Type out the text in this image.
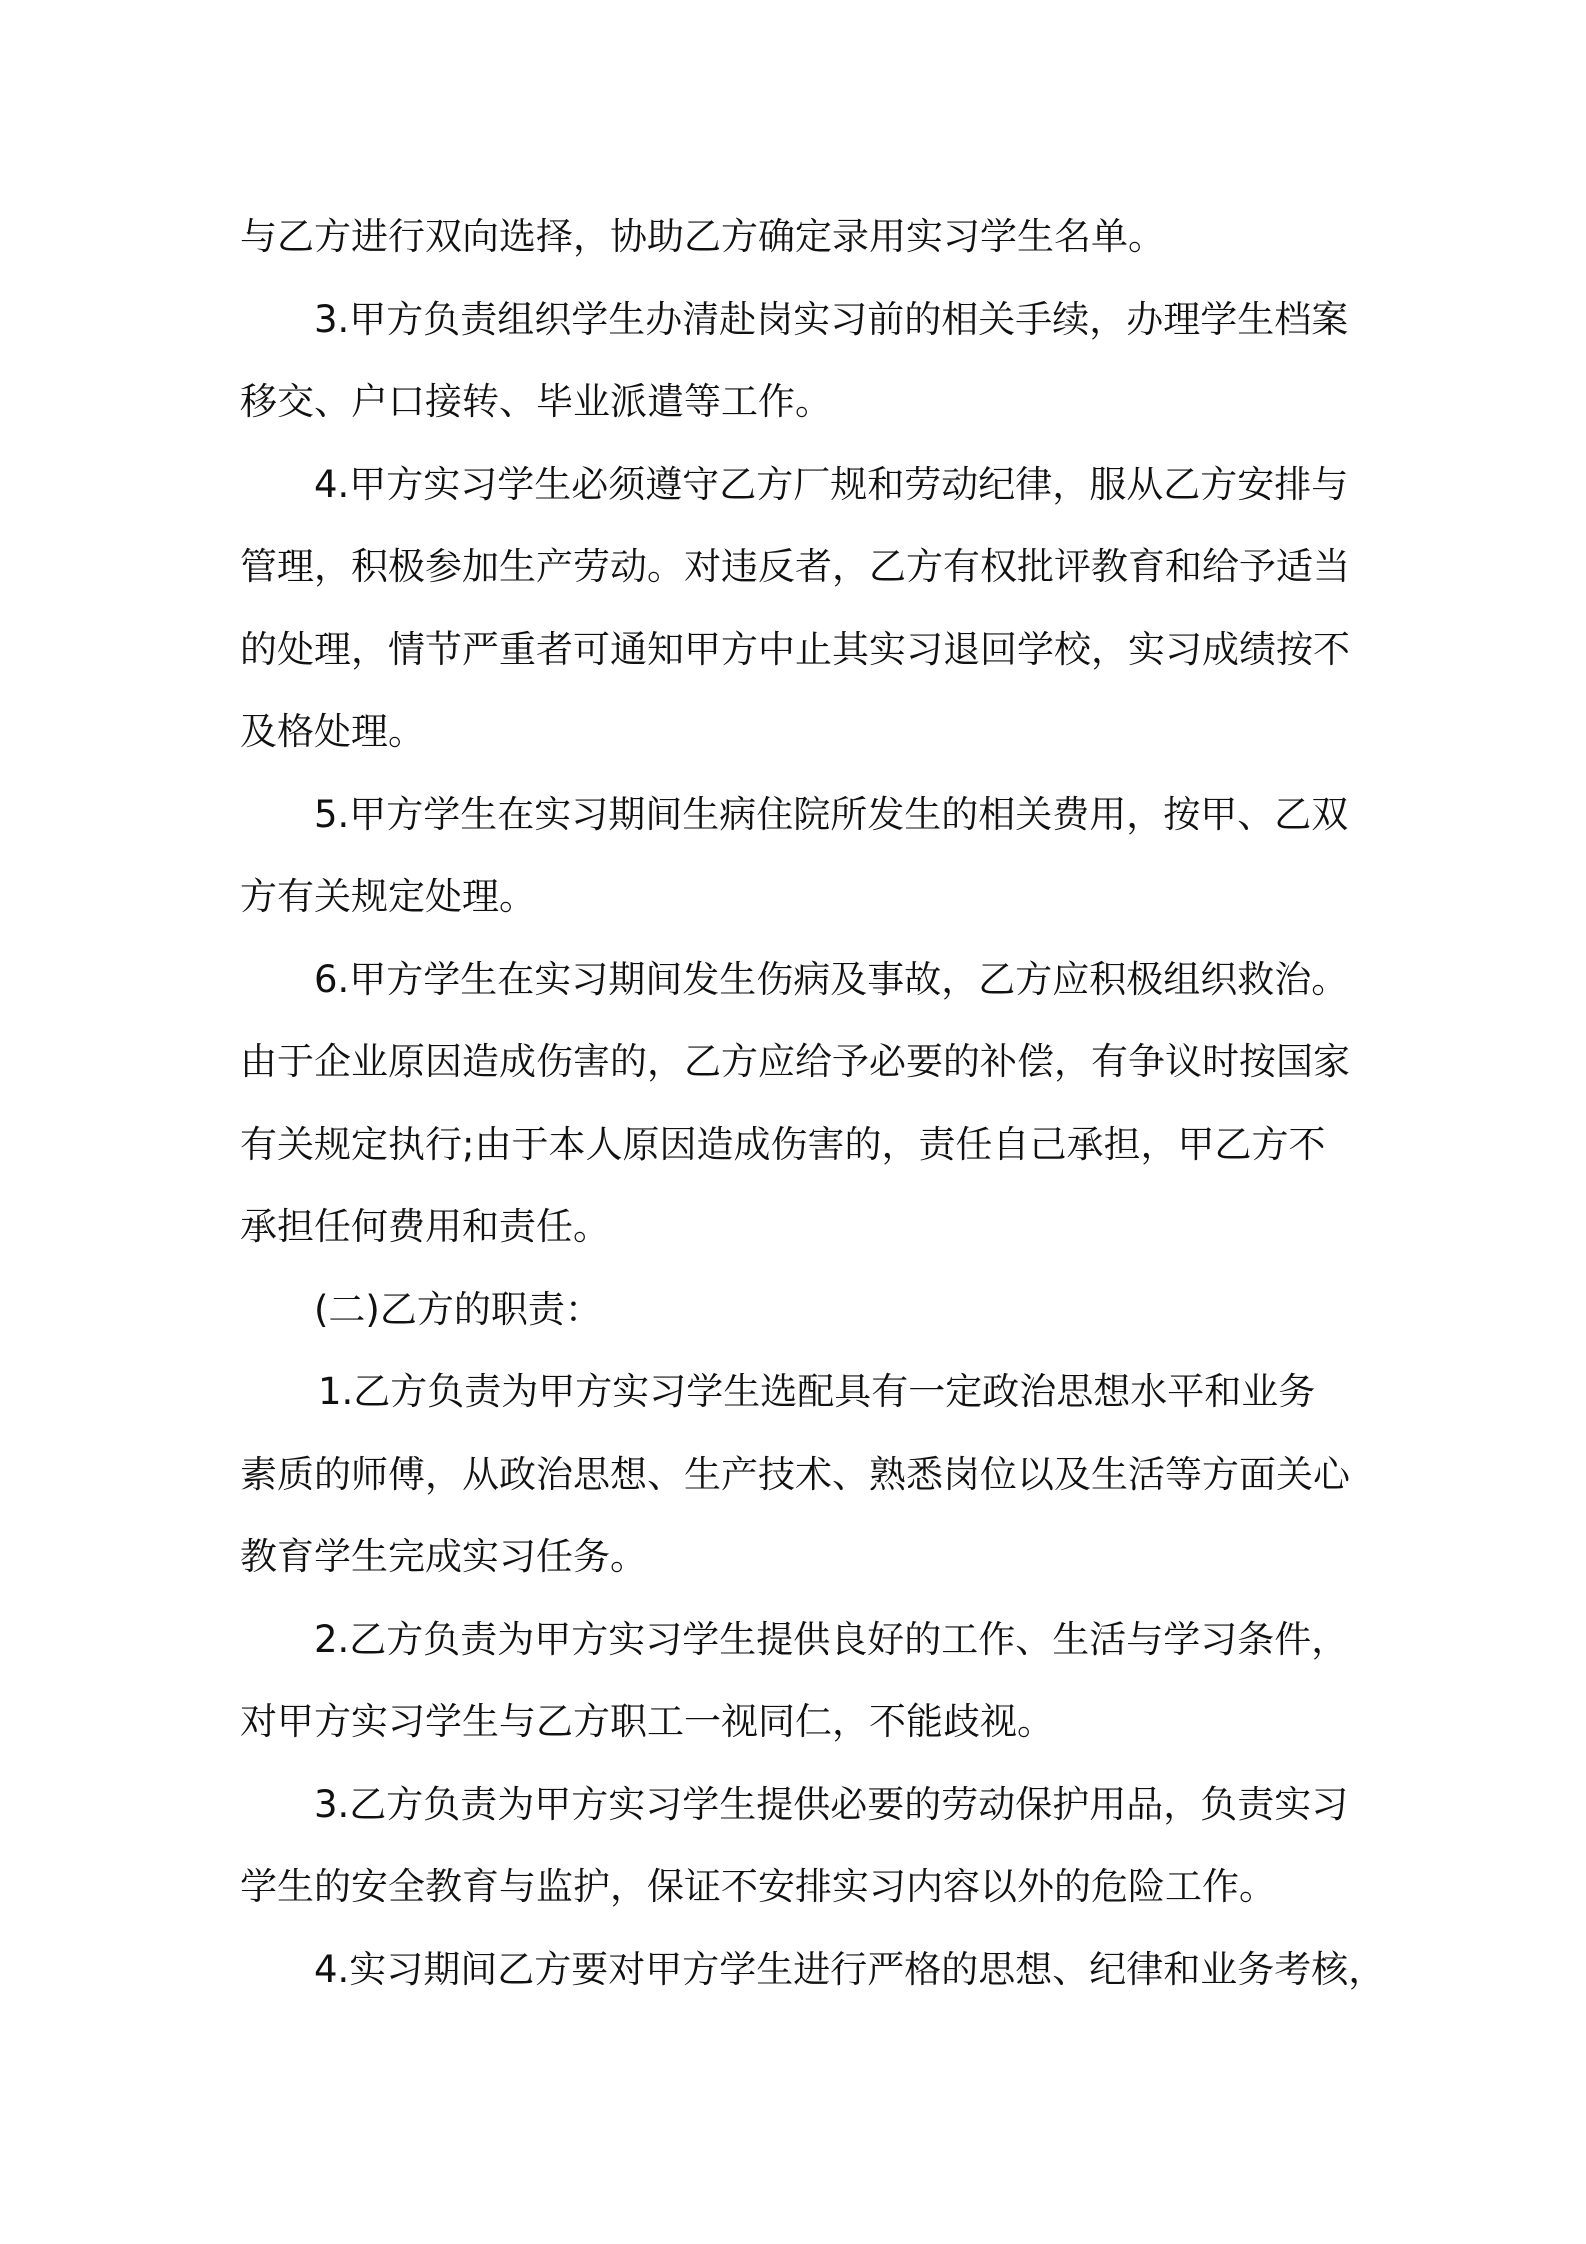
与乙方进行双向选择，协助乙方确定录用实习学生名单。

3.甲方负责组织学生办清赴岗实习前的相关手续，办理学生档案
移交、户口接转、毕业派遣等工作。

4.甲方实习学生必须遵守乙方厂规和劳动纪律，服从乙方安排与
管理，积极参加生产劳动。对违反者，乙方有权批评教育和给予适当
的处理，情节严重者可通知甲方中止其实习退回学校，实习成绩按不
及格处理。

5.甲方学生在实习期间生病住院所发生的相关费用，按甲、乙双
方有关规定处理。

6.甲方学生在实习期间发生伤病及事故，乙方应积极组织救治。
由于企业原因造成伤害的，乙方应给予必要的补偿，有争议时按国家
有关规定执行;由于本人原因造成伤害的，责任自己承担，甲乙方不
承担任何费用和责任。

(二)乙方的职责：

1.乙方负责为甲方实习学生选配具有一定政治思想水平和业务
素质的师傅，从政治思想、生产技术、熟悉岗位以及生活等方面关心
教育学生完成实习任务。

2.乙方负责为甲方实习学生提供良好的工作、生活与学习条件，
对甲方实习学生与乙方职工一视同仁，不能歧视。

3.乙方负责为甲方实习学生提供必要的劳动保护用品，负责实习
学生的安全教育与监护，保证不安排实习内容以外的危险工作。

4.实习期间乙方要对甲方学生进行严格的思想、纪律和业务考核，
